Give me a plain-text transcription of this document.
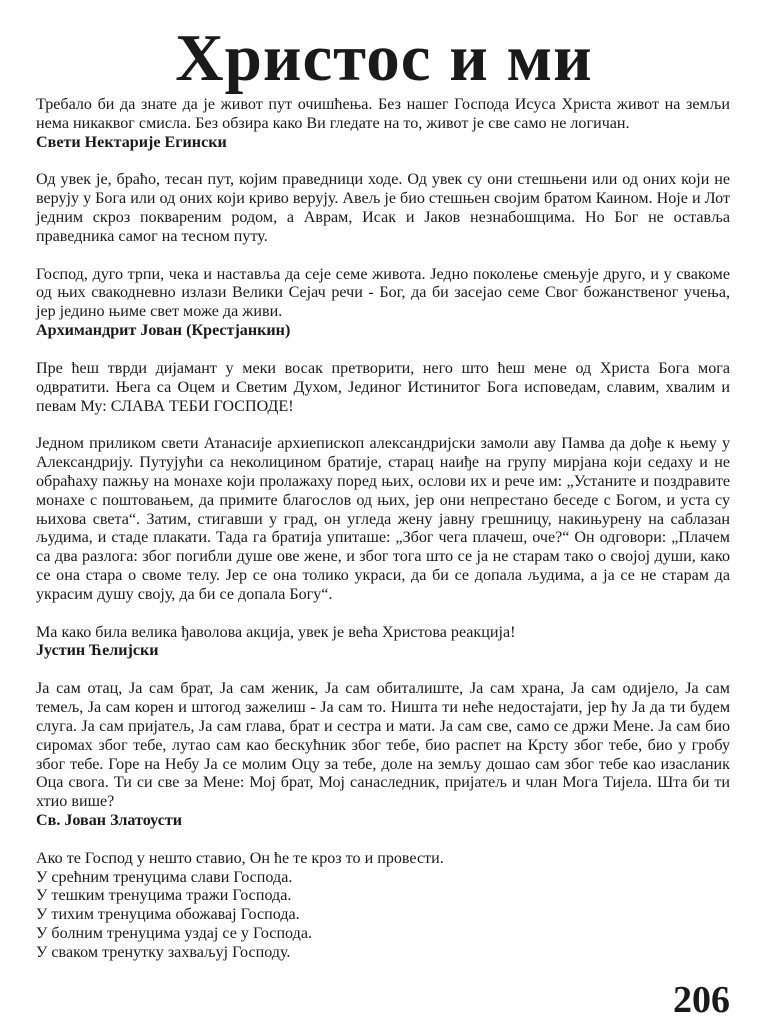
Христос и ми

Требало би да знате да је живот пут очишћења. Без нашег Господа Исуса Христа живот на земљи нема никаквог смисла. Без обзира како Ви гледате на то, живот је све само не логичан.

Свети Нектарије Егински

Од увек је, браћо, тесан пут, којим праведници ходе. Од увек су они стешњени или од оних који не верују у Бога или од оних који криво верују. Авељ је био стешњен својим братом Каином. Ноје и Лот једним скроз поквареним родом, а Аврам, Исак и Јаков незнабошцима. Но Бог не оставља праведника самог на тесном путу.

Господ, дуго трпи, чека и наставља да сеје семе живота. Једно поколење смењује друго, и у свакоме од њих свакодневно излази Велики Сејач речи - Бог, да би засејао семе Свог божанственог учења, јер једино њиме свет може да живи.

Архимандрит Јован (Крестјанкин)

Пре ћеш тврди дијамант у меки восак претворити, него што ћеш мене од Христа Бога мога одвратити. Њега са Оцем и Светим Духом, Јединог Истинитог Бога исповедам, славим, хвалим и певам Му: СЛАВА ТЕБИ ГОСПОДЕ!

Једном приликом свети Атанасије архиепископ александријски замоли аву Памва да дође к њему у Александрију. Путујући са неколицином братије, старац наиђе на групу мирјана који седаху и не обраћаху пажњу на монахе који пролажаху поред њих, ослови их и рече им: „Устаните и поздравите монахе с поштовањем, да примите благослов од њих, јер они непрестано беседе с Богом, и уста су њихова света“. Затим, стигавши у град, он угледа жену јавну грешницу, накињурену на саблазан људима, и стаде плакати. Тада га братија упиташе: „Због чега плачеш, оче?“ Он одговори: „Плачем са два разлога: због погибли душе ове жене, и због тога што се ја не старам тако о својој души, како се она стара о своме телу. Јер се она толико украси, да би се допала људима, а ја се не старам да украсим душу своју, да би се допала Богу“.

Ма како била велика ђаволова акција, увек је већа Христова реакција!

Јустин Ћелијски

Ја сам отац, Ја сам брат, Ја сам женик, Ја сам обиталиште, Ја сам храна, Ја сам одијело, Ја сам темељ, Ја сам корен и штогод зажелиш - Ја сам то. Ништа ти неће недостајати, јер ћу Ја да ти будем слуга. Ја сам пријатељ, Ја сам глава, брат и сестра и мати. Ја сам све, само се држи Мене. Ја сам био сиромах због тебе, лутао сам као бескућник због тебе, био распет на Крсту због тебе, био у гробу због тебе. Горе на Небу Ја се молим Оцу за тебе, доле на земљу дошао сам због тебе као изасланик Оца свога. Ти си све за Мене: Мој брат, Мој санаследник, пријатељ и члан Мога Тијела. Шта би ти хтио више?

Св. Јован Златоусти
Ако те Господ у нешто ставио, Он ће те кроз то и провести.
У срећним тренуцима слави Господа.
У тешким тренуцима тражи Господа.
У тихим тренуцима обожавај Господа.
У болним тренуцима уздај се у Господа.
У сваком тренутку захваљуј Господу.
206
